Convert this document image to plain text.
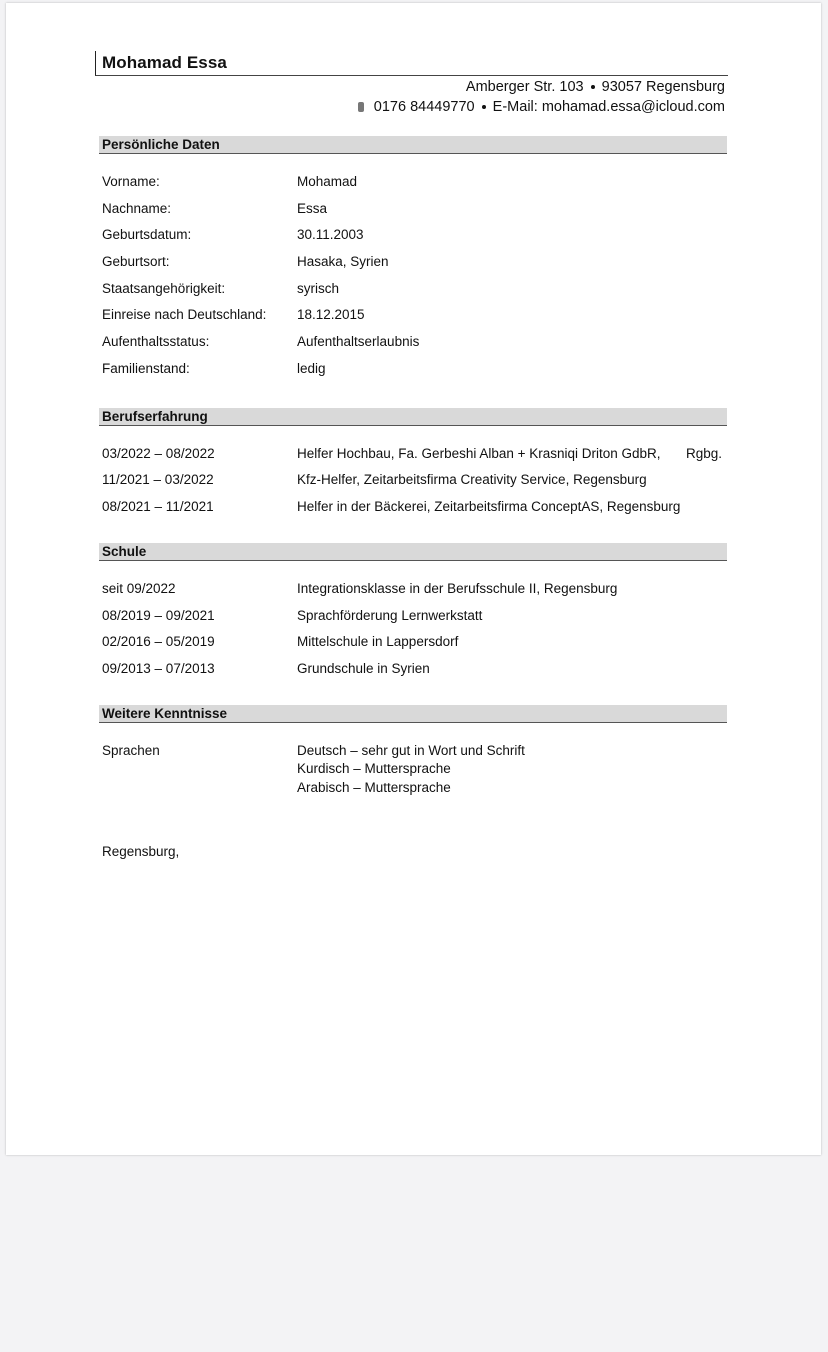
Mohamad Essa
Amberger Str. 103 93057 Regensburg
0176 84449770 E-Mail: mohamad.essa@icloud.com
Persönliche Daten
Vorname:	Mohamad
Nachname:	Essa
Geburtsdatum:	30.11.2003
Geburtsort:	Hasaka, Syrien
Staatsangehörigkeit:	syrisch
Einreise nach Deutschland: 18.12.2015
Aufenthaltsstatus:	Aufenthaltserlaubnis
Familienstand:	ledig
Berufserfahrung
03/2022 – 08/2022	Helfer Hochbau, Fa. Gerbeshi Alban + Krasniqi Driton GdbR, Rgbg.
11/2021 – 03/2022	Kfz-Helfer, Zeitarbeitsfirma Creativity Service, Regensburg
08/2021 – 11/2021	Helfer in der Bäckerei, Zeitarbeitsfirma ConceptAS, Regensburg
Schule
seit 09/2022	Integrationsklasse in der Berufsschule II, Regensburg
08/2019 – 09/2021	Sprachförderung Lernwerkstatt
02/2016 – 05/2019	Mittelschule in Lappersdorf
09/2013 – 07/2013	Grundschule in Syrien
Weitere Kenntnisse
Sprachen	Deutsch – sehr gut in Wort und Schrift
Kurdisch – Muttersprache
Arabisch – Muttersprache
Regensburg,
